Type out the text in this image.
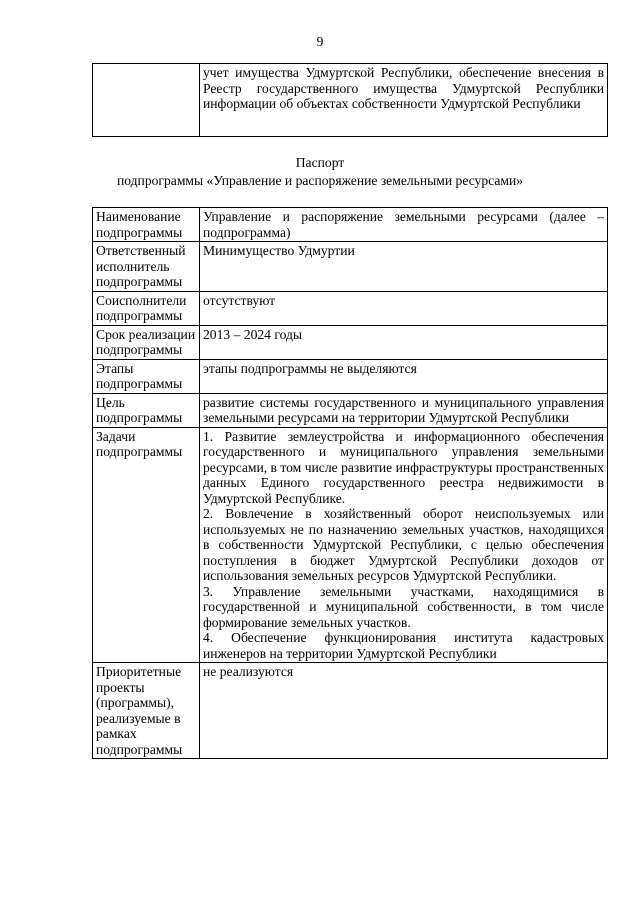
9
	учет имущества Удмуртской Республики, обеспечение внесения в Реестр государственного имущества Удмуртской Республики информации об объектах собственности Удмуртской Республики
Паспорт
подпрограммы «Управление и распоряжение земельными ресурсами»
Наименование подпрограммы	Управление и распоряжение земельными ресурсами (далее – подпрограмма)
Ответственный исполнитель подпрограммы	Минимущество Удмуртии
Соисполнители подпрограммы	отсутствуют
Срок реализации подпрограммы	2013 – 2024 годы
Этапы подпрограммы	этапы подпрограммы не выделяются
Цель подпрограммы	развитие системы государственного и муниципального управления земельными ресурсами на территории Удмуртской Республики
Задачи подпрограммы	1. Развитие землеустройства и информационного обеспечения государственного и муниципального управления земельными ресурсами, в том числе развитие инфраструктуры пространственных данных Единого государственного реестра недвижимости в Удмуртской Республике.

2. Вовлечение в хозяйственный оборот неиспользуемых или используемых не по назначению земельных участков, находящихся в собственности Удмуртской Республики, с целью обеспечения поступления в бюджет Удмуртской Республики доходов от использования земельных ресурсов Удмуртской Республики.

3. Управление земельными участками, находящимися в государственной и муниципальной собственности, в том числе формирование земельных участков.

4. Обеспечение функционирования института кадастровых инженеров на территории Удмуртской Республики

Приоритетные проекты (программы), реализуемые в рамках подпрограммы	не реализуются
